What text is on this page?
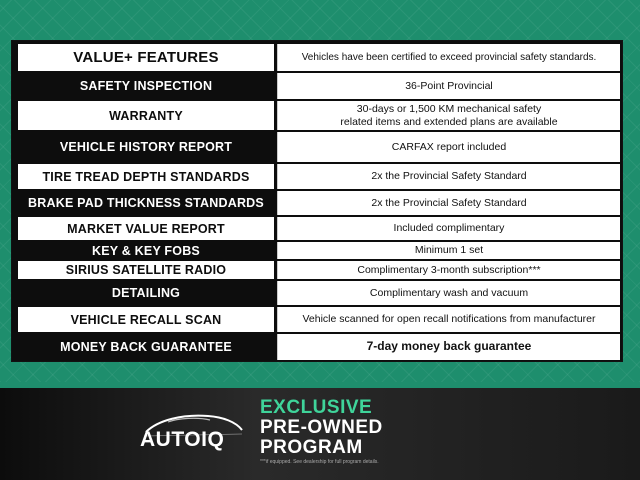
VALUE+ FEATURES		Vehicles have been certified to exceed provincial safety standards.
SAFETY INSPECTION		36-Point Provincial
WARRANTY		30-days or 1,500 KM mechanical safety
related items and extended plans are available

VEHICLE HISTORY REPORT		CARFAX report included
TIRE TREAD DEPTH STANDARDS		2x the Provincial Safety Standard
BRAKE PAD THICKNESS STANDARDS		2x the Provincial Safety Standard
MARKET VALUE REPORT		Included complimentary
KEY & KEY FOBS		Minimum 1 set
SIRIUS SATELLITE RADIO		Complimentary 3-month subscription***
DETAILING		Complimentary wash and vacuum
VEHICLE RECALL SCAN		Vehicle scanned for open recall notifications from manufacturer
MONEY BACK GUARANTEE		7-day money back guarantee
AUTOIQ
EXCLUSIVE
PRE-OWNED
PROGRAM
***if equipped. See dealership for full program details.
